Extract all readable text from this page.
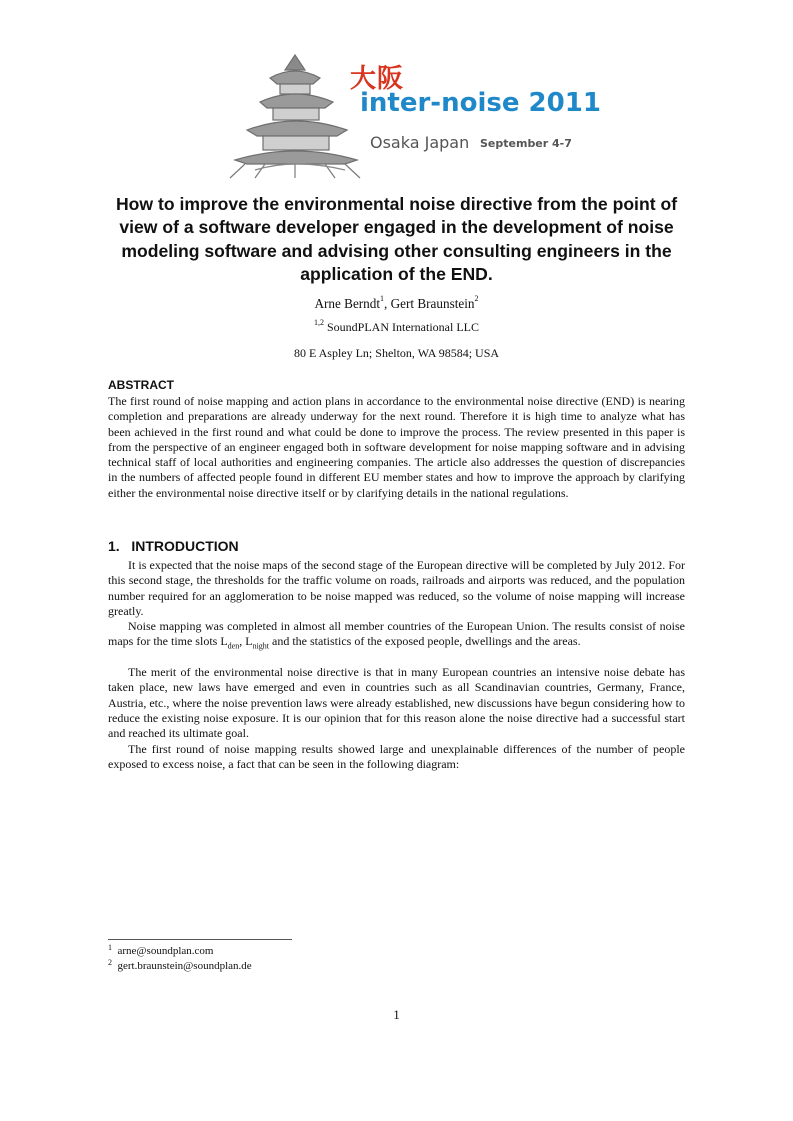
大阪
inter-noise 2011
Osaka Japan September 4-7
How to improve the environmental noise directive from the point of view of a software developer engaged in the development of noise modeling software and advising other consulting engineers in the application of the END.
Arne Berndt$^1$, Gert Braunstein$^2$
$^{1,2}$ SoundPLAN International LLC
80 E Aspley Ln; Shelton, WA 98584; USA
ABSTRACT
The first round of noise mapping and action plans in accordance to the environmental noise directive (END) is nearing completion and preparations are already underway for the next round. Therefore it is high time to analyze what has been achieved in the first round and what could be done to improve the process. The review presented in this paper is from the perspective of an engineer engaged both in software development for noise mapping software and in advising technical staff of local authorities and engineering companies. The article also addresses the question of discrepancies in the numbers of affected people found in different EU member states and how to improve the approach by clarifying either the environmental noise directive itself or by clarifying details in the national regulations.
1.   INTRODUCTION
It is expected that the noise maps of the second stage of the European directive will be completed by July 2012. For this second stage, the thresholds for the traffic volume on roads, railroads and airports was reduced, and the population number required for an agglomeration to be noise mapped was reduced, so the volume of noise mapping will increase greatly.
Noise mapping was completed in almost all member countries of the European Union. The results consist of noise maps for the time slots $L_{den}$, $L_{night}$ and the statistics of the exposed people, dwellings and the areas.
The merit of the environmental noise directive is that in many European countries an intensive noise debate has taken place, new laws have emerged and even in countries such as all Scandinavian countries, Germany, France, Austria, etc., where the noise prevention laws were already established, new discussions have begun considering how to reduce the existing noise exposure. It is our opinion that for this reason alone the noise directive had a successful start and reached its ultimate goal.
The first round of noise mapping results showed large and unexplainable differences of the number of people exposed to excess noise, a fact that can be seen in the following diagram:
$^1$ arne@soundplan.com
$^2$ gert.braunstein@soundplan.de
1
